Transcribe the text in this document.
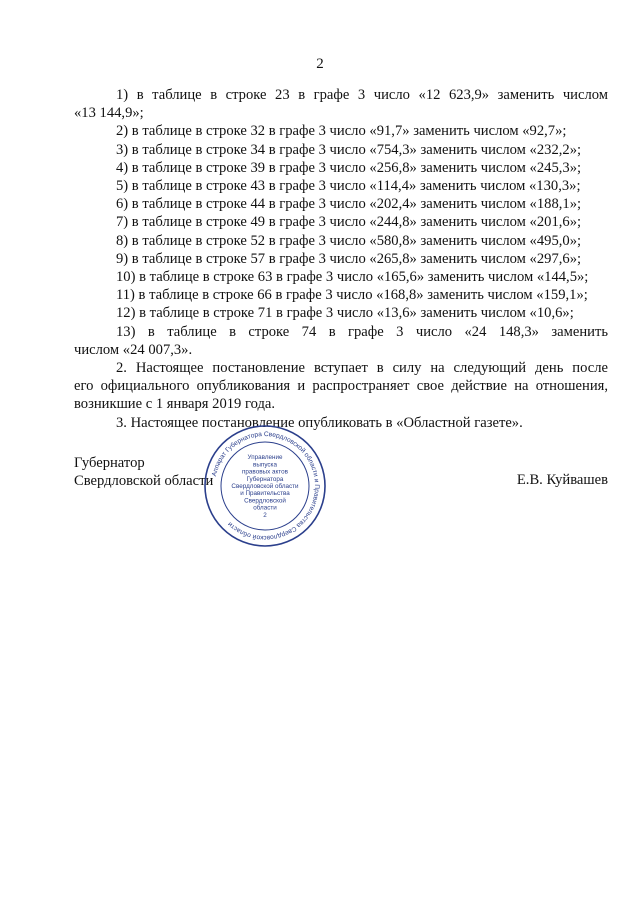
2
1) в таблице в строке 23 в графе 3 число «12 623,9» заменить числом
«13 144,9»;
2) в таблице в строке 32 в графе 3 число «91,7» заменить числом «92,7»;
3) в таблице в строке 34 в графе 3 число «754,3» заменить числом «232,2»;
4) в таблице в строке 39 в графе 3 число «256,8» заменить числом «245,3»;
5) в таблице в строке 43 в графе 3 число «114,4» заменить числом «130,3»;
6) в таблице в строке 44 в графе 3 число «202,4» заменить числом «188,1»;
7) в таблице в строке 49 в графе 3 число «244,8» заменить числом «201,6»;
8) в таблице в строке 52 в графе 3 число «580,8» заменить числом «495,0»;
9) в таблице в строке 57 в графе 3 число «265,8» заменить числом «297,6»;
10) в таблице в строке 63 в графе 3 число «165,6» заменить числом «144,5»;
11) в таблице в строке 66 в графе 3 число «168,8» заменить числом «159,1»;
12) в таблице в строке 71 в графе 3 число «13,6» заменить числом «10,6»;
13) в таблице в строке 74 в графе 3 число «24 148,3» заменить
числом «24 007,3».
2. Настоящее постановление вступает в силу на следующий день после
его официального опубликования и распространяет свое действие на отношения,
возникшие с 1 января 2019 года.
3. Настоящее постановление опубликовать в «Областной газете».
Губернатор
Свердловской области	Е.В. Куйвашев
Аппарат Губернатора Свердловской области и Правительства Свердловской области
Управление
выпуска
правовых актов
Губернатора
Свердловской области
и Правительства
Свердловской
области
2
